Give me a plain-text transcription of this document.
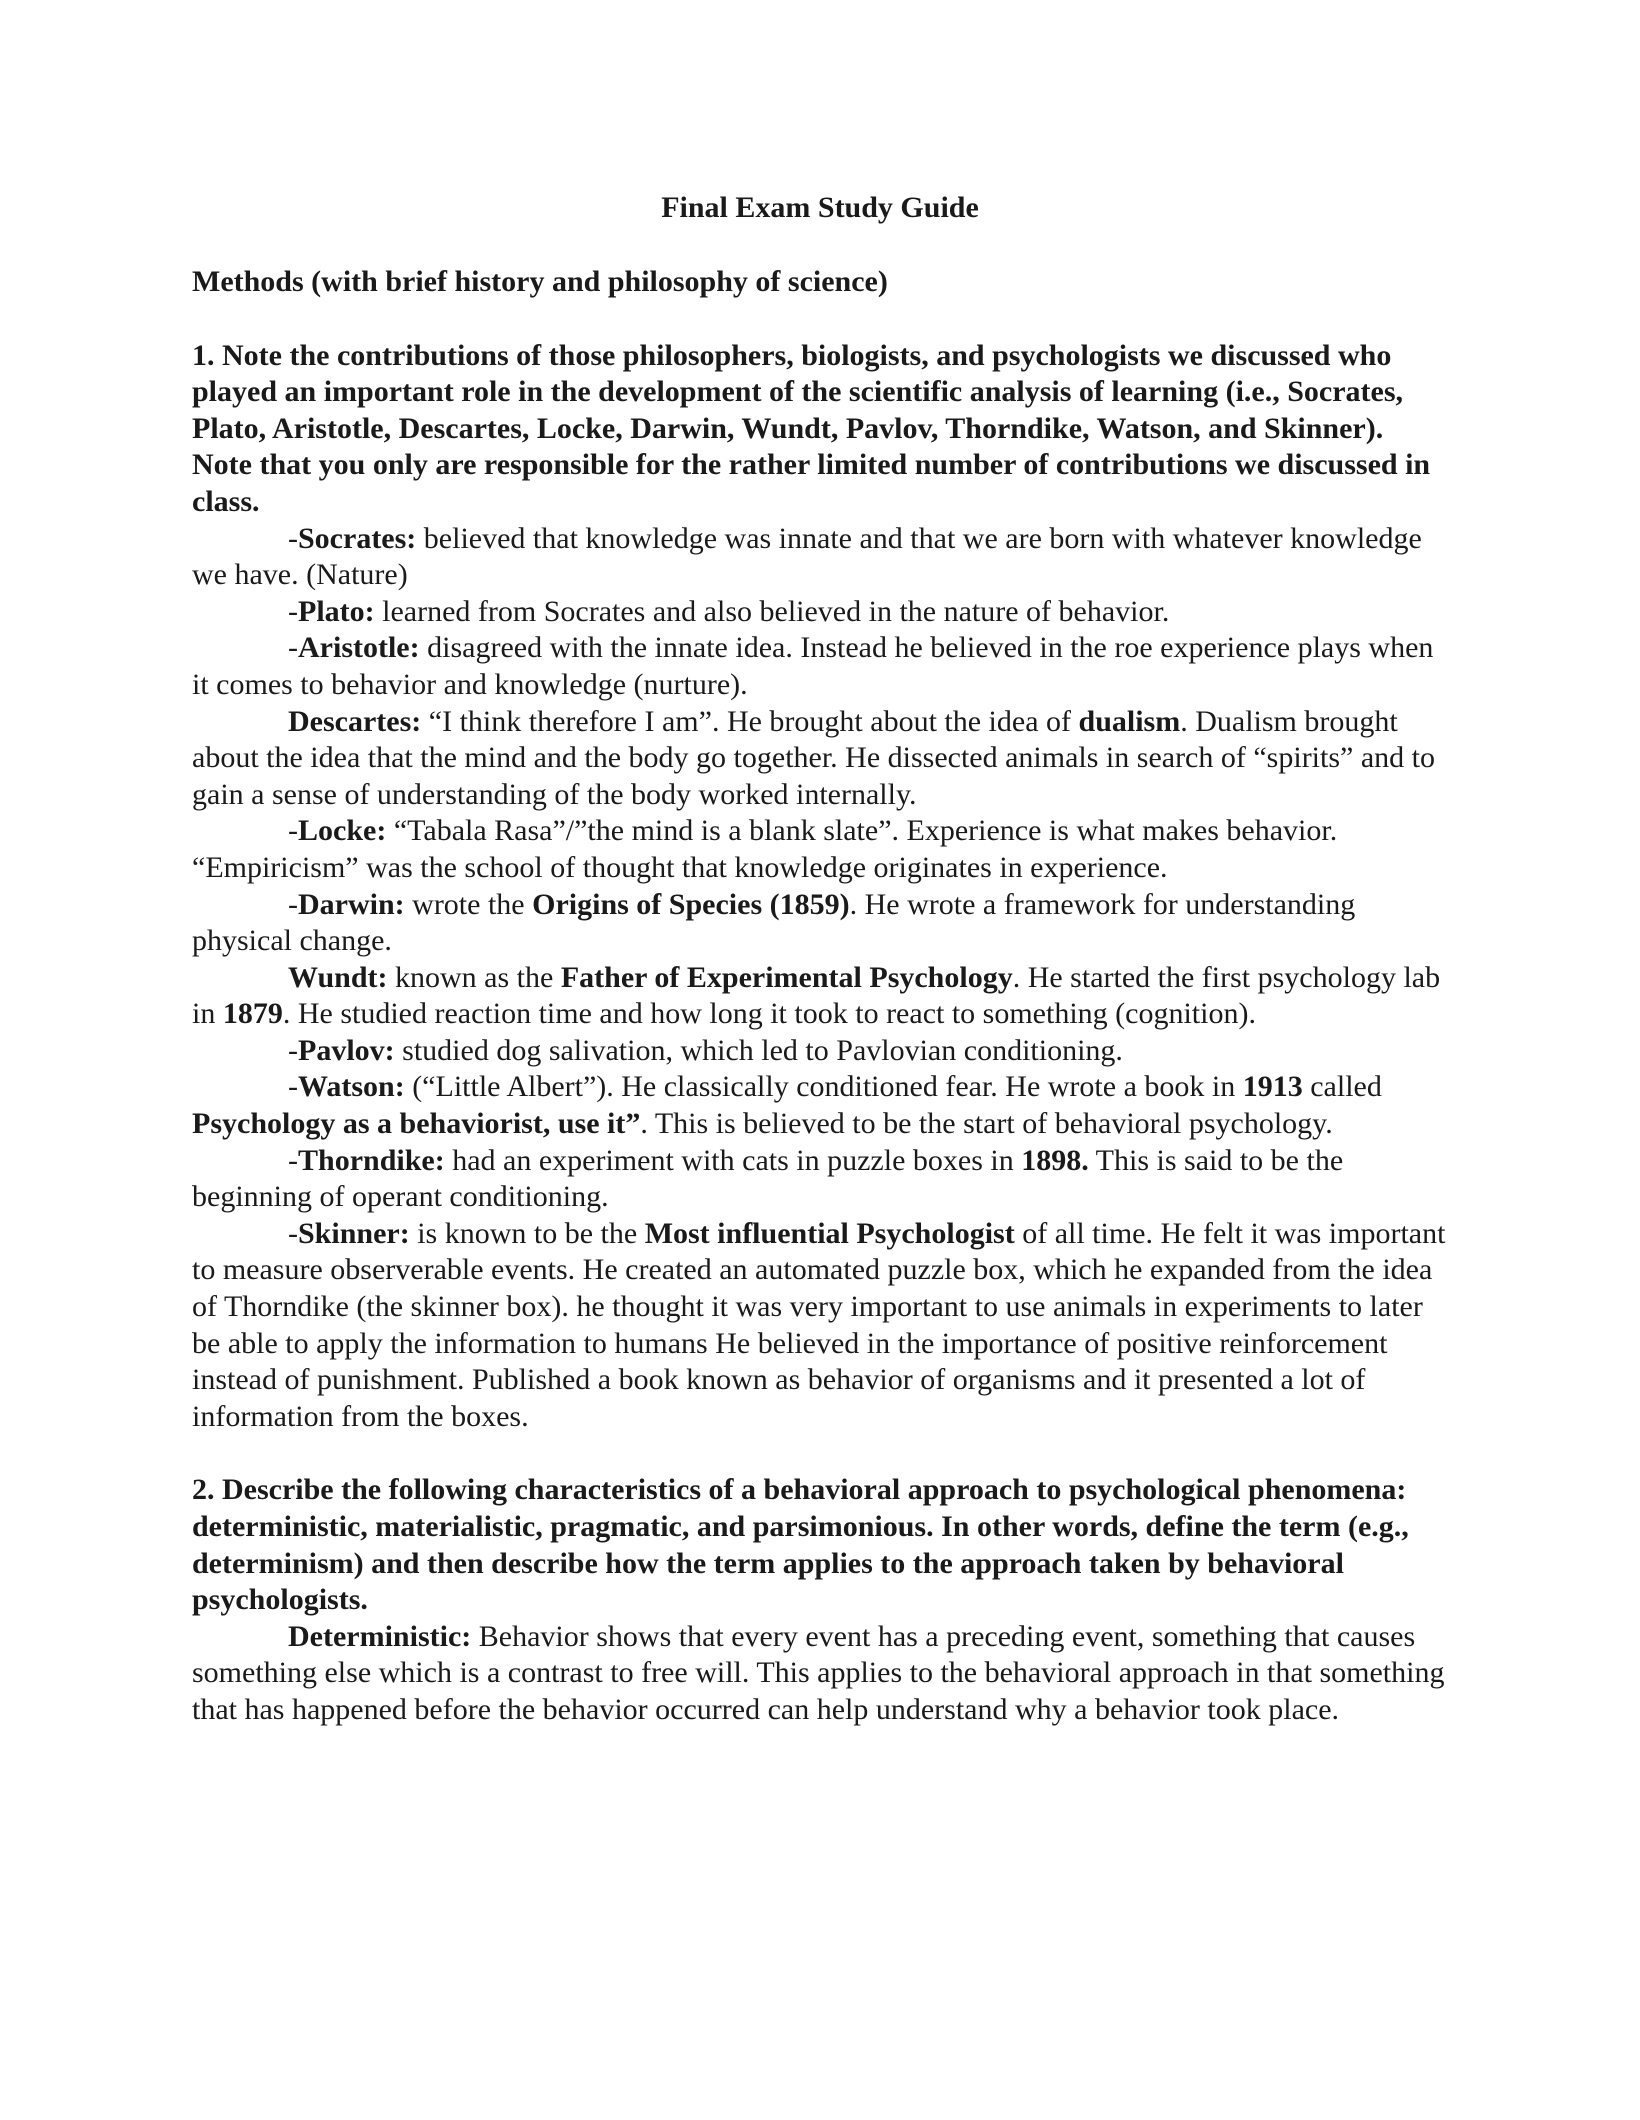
Final Exam Study Guide
Methods (with brief history and philosophy of science)

1. Note the contributions of those philosophers, biologists, and psychologists we discussed who played an important role in the development of the scientific analysis of learning (i.e., Socrates, Plato, Aristotle, Descartes, Locke, Darwin, Wundt, Pavlov, Thorndike, Watson, and Skinner). Note that you only are responsible for the rather limited number of contributions we discussed in class.

-Socrates: believed that knowledge was innate and that we are born with whatever knowledge we have. (Nature)

-Plato: learned from Socrates and also believed in the nature of behavior.

-Aristotle: disagreed with the innate idea. Instead he believed in the roe experience plays when it comes to behavior and knowledge (nurture).

Descartes: “I think therefore I am”. He brought about the idea of dualism. Dualism brought about the idea that the mind and the body go together. He dissected animals in search of “spirits” and to gain a sense of understanding of the body worked internally.

-Locke: “Tabala Rasa”/”the mind is a blank slate”. Experience is what makes behavior. “Empiricism” was the school of thought that knowledge originates in experience.

-Darwin: wrote the Origins of Species (1859). He wrote a framework for understanding physical change.

Wundt: known as the Father of Experimental Psychology. He started the first psychology lab in 1879. He studied reaction time and how long it took to react to something (cognition).

-Pavlov: studied dog salivation, which led to Pavlovian conditioning.

-Watson: (“Little Albert”). He classically conditioned fear. He wrote a book in 1913 called Psychology as a behaviorist, use it”. This is believed to be the start of behavioral psychology.

-Thorndike: had an experiment with cats in puzzle boxes in 1898. This is said to be the beginning of operant conditioning.

-Skinner: is known to be the Most influential Psychologist of all time. He felt it was important to measure observerable events. He created an automated puzzle box, which he expanded from the idea of Thorndike (the skinner box). he thought it was very important to use animals in experiments to later be able to apply the information to humans He believed in the importance of positive reinforcement instead of punishment. Published a book known as behavior of organisms and it presented a lot of information from the boxes.

2. Describe the following characteristics of a behavioral approach to psychological phenomena: deterministic, materialistic, pragmatic, and parsimonious. In other words, define the term (e.g., determinism) and then describe how the term applies to the approach taken by behavioral psychologists.

Deterministic: Behavior shows that every event has a preceding event, something that causes something else which is a contrast to free will. This applies to the behavioral approach in that something that has happened before the behavior occurred can help understand why a behavior took place.
